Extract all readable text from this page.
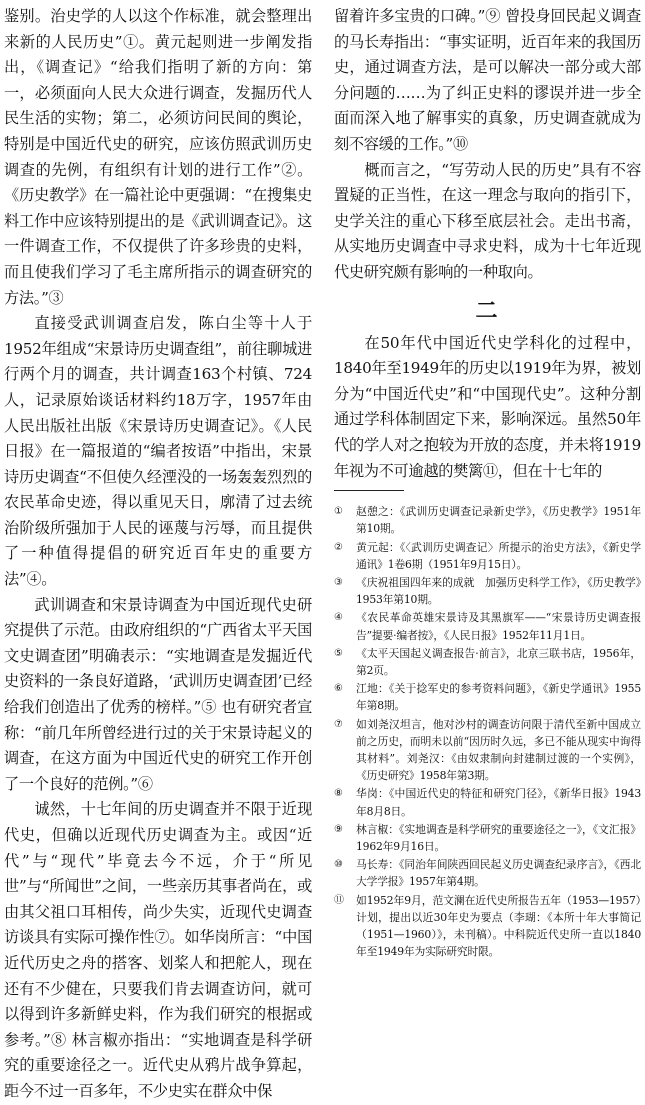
鉴别。治史学的人以这个作标准，就会整理出来新的人民历史”①。黄元起则进一步阐发指出，《调查记》“给我们指明了新的方向：第一，必须面向人民大众进行调查，发掘历代人民生活的实物；第二，必须访问民间的舆论，特别是中国近代史的研究，应该仿照武训历史调查的先例，有组织有计划的进行工作”②。《历史教学》在一篇社论中更强调：“在搜集史料工作中应该特别提出的是《武训调查记》。这一件调查工作，不仅提供了许多珍贵的史料，而且使我们学习了毛主席所指示的调查研究的方法。”③

直接受武训调查启发，陈白尘等十人于1952年组成“宋景诗历史调查组”，前往聊城进行两个月的调查，共计调查163个村镇、724人，记录原始谈话材料约18万字，1957年由人民出版社出版《宋景诗历史调查记》。《人民日报》在一篇报道的“编者按语”中指出，宋景诗历史调查“不但使久经湮没的一场轰轰烈烈的农民革命史迹，得以重见天日，廓清了过去统治阶级所强加于人民的诬蔑与污辱，而且提供了一种值得提倡的研究近百年史的重要方法”④。

武训调查和宋景诗调查为中国近现代史研究提供了示范。由政府组织的“广西省太平天国文史调查团”明确表示：“实地调查是发掘近代史资料的一条良好道路，‘武训历史调查团’已经给我们创造出了优秀的榜样。”⑤ 也有研究者宣称：“前几年所曾经进行过的关于宋景诗起义的调查，在这方面为中国近代史的研究工作开创了一个良好的范例。”⑥

诚然，十七年间的历史调查并不限于近现代史，但确以近现代历史调查为主。或因“近代”与“现代”毕竟去今不远，介于“所见世”与“所闻世”之间，一些亲历其事者尚在，或由其父祖口耳相传，尚少失实，近现代史调查访谈具有实际可操作性⑦。如华岗所言：“中国近代历史之舟的搭客、划桨人和把舵人，现在还有不少健在，只要我们肯去调查访问，就可以得到许多新鲜史料，作为我们研究的根据或参考。”⑧ 林言椒亦指出：“实地调查是科学研究的重要途径之一。近代史从鸦片战争算起，距今不过一百多年，不少史实在群众中保

留着许多宝贵的口碑。”⑨ 曾投身回民起义调查的马长寿指出：“事实证明，近百年来的我国历史，通过调查方法，是可以解决一部分或大部分问题的……为了纠正史料的谬误并进一步全面而深入地了解事实的真象，历史调查就成为刻不容缓的工作。”⑩

概而言之，“写劳动人民的历史”具有不容置疑的正当性，在这一理念与取向的指引下，史学关注的重心下移至底层社会。走出书斋，从实地历史调查中寻求史料，成为十七年近现代史研究颇有影响的一种取向。

二

在50年代中国近代史学科化的过程中，1840年至1949年的历史以1919年为界，被划分为“中国近代史”和“中国现代史”。这种分割通过学科体制固定下来，影响深远。虽然50年代的学人对之抱较为开放的态度，并未将1919年视为不可逾越的樊篱⑪，但在十七年的

①	赵憩之：《武训历史调查记录新史学》，《历史教学》1951年第10期。
②	黄元起：《〈武训历史调查记〉所提示的治史方法》，《新史学通讯》1卷6期（1951年9月15日）。
③	《庆祝祖国四年来的成就　加强历史科学工作》，《历史教学》1953年第10期。
④	《农民革命英雄宋景诗及其黑旗军——“宋景诗历史调查报告”提要·编者按》，《人民日报》1952年11月1日。
⑤	《太平天国起义调查报告·前言》，北京三联书店，1956年，第2页。
⑥	江地：《关于捻军史的参考资料问题》，《新史学通讯》1955年第8期。
⑦	如刘尧汉坦言，他对沙村的调查访问限于清代至新中国成立前之历史，而明未以前“因历时久远，多已不能从现实中询得其材料”。刘尧汉：《由奴隶制向封建制过渡的一个实例》，《历史研究》1958年第3期。
⑧	华岗：《中国近代史的特征和研究门径》，《新华日报》1943年8月8日。
⑨	林言椒：《实地调查是科学研究的重要途径之一》，《文汇报》1962年9月16日。
⑩	马长寿：《同治年间陕西回民起义历史调查纪录序言》，《西北大学学报》1957年第4期。
⑪	如1952年9月，范文澜在近代史所报告五年（1953—1957）计划，提出以近30年史为要点（李瑚：《本所十年大事简记（1951—1960）》，未刊稿）。中科院近代史所一直以1840年至1949年为实际研究时限。
